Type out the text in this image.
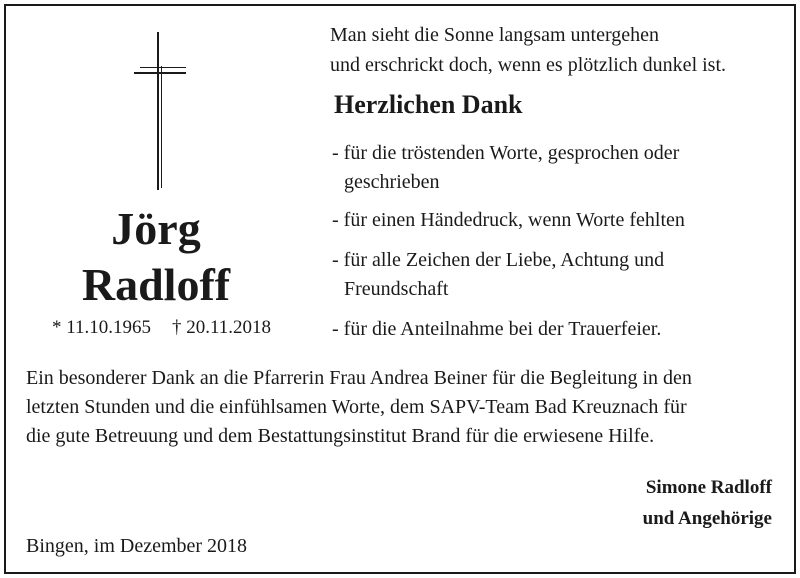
Jörg
Radloff
* 11.10.1965 † 20.11.2018
Man sieht die Sonne langsam untergehen
und erschrickt doch, wenn es plötzlich dunkel ist.
Herzlichen Dank
- für die tröstenden Worte, gesprochen oder
geschrieben
- für einen Händedruck, wenn Worte fehlten
- für alle Zeichen der Liebe, Achtung und
Freundschaft
- für die Anteilnahme bei der Trauerfeier.
Ein besonderer Dank an die Pfarrerin Frau Andrea Beiner für die Begleitung in den
letzten Stunden und die einfühlsamen Worte, dem SAPV-Team Bad Kreuznach für
die gute Betreuung und dem Bestattungsinstitut Brand für die erwiesene Hilfe.
Simone Radloff
und Angehörige
Bingen, im Dezember 2018
